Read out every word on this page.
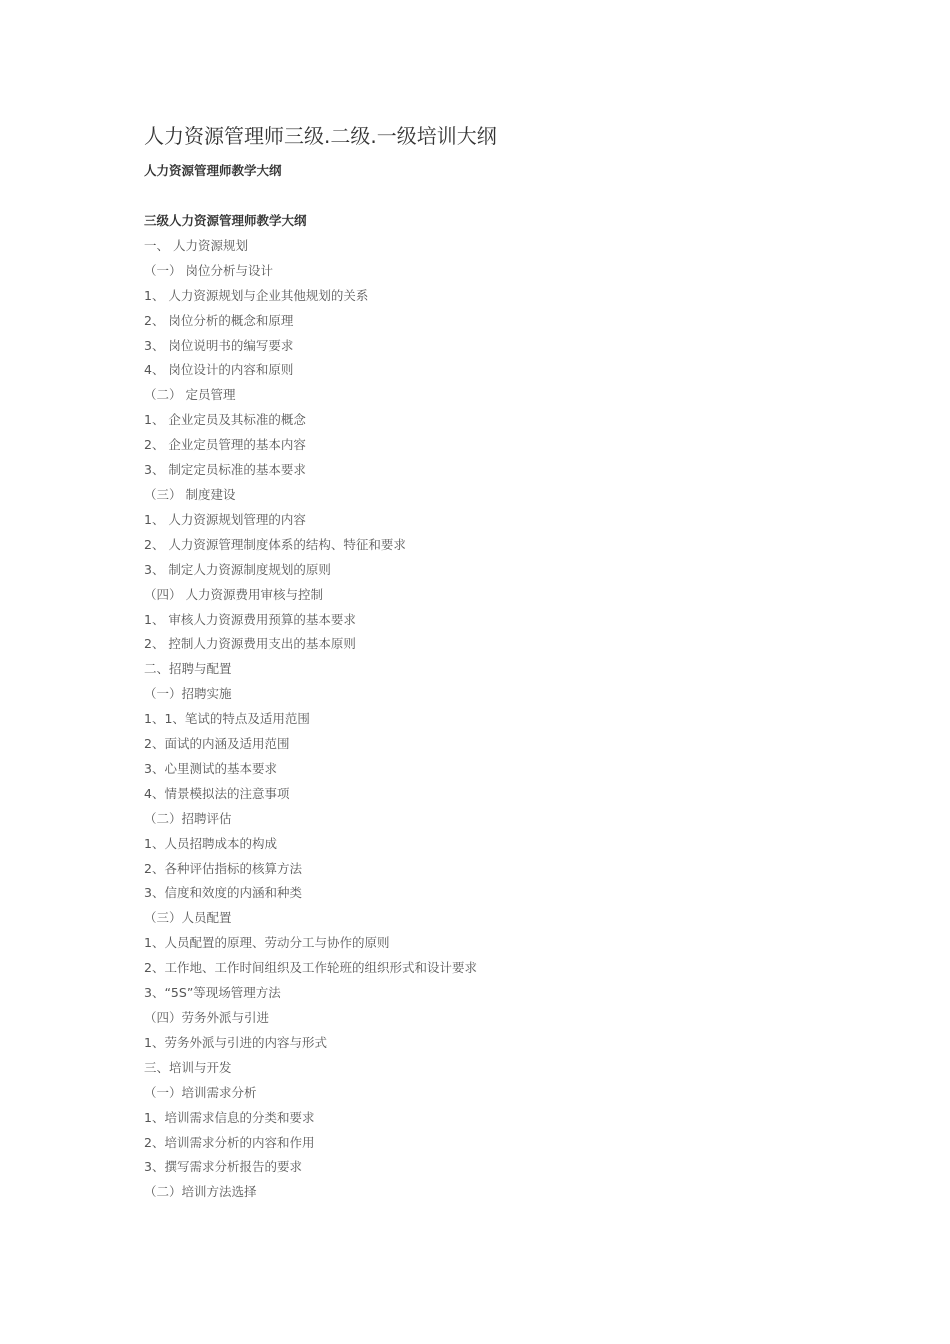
人力资源管理师三级.二级.一级培训大纲
人力资源管理师教学大纲
三级人力资源管理师教学大纲
一、 人力资源规划
（一） 岗位分析与设计
1、 人力资源规划与企业其他规划的关系
2、 岗位分析的概念和原理
3、 岗位说明书的编写要求
4、 岗位设计的内容和原则
（二） 定员管理
1、 企业定员及其标准的概念
2、 企业定员管理的基本内容
3、 制定定员标准的基本要求
（三） 制度建设
1、 人力资源规划管理的内容
2、 人力资源管理制度体系的结构、特征和要求
3、 制定人力资源制度规划的原则
（四） 人力资源费用审核与控制
1、 审核人力资源费用预算的基本要求
2、 控制人力资源费用支出的基本原则
二、招聘与配置
（一）招聘实施
1、1、笔试的特点及适用范围
2、面试的内涵及适用范围
3、心里测试的基本要求
4、情景模拟法的注意事项
（二）招聘评估
1、人员招聘成本的构成
2、各种评估指标的核算方法
3、信度和效度的内涵和种类
（三）人员配置
1、人员配置的原理、劳动分工与协作的原则
2、工作地、工作时间组织及工作轮班的组织形式和设计要求
3、“5S”等现场管理方法
（四）劳务外派与引进
1、劳务外派与引进的内容与形式
三、培训与开发
（一）培训需求分析
1、培训需求信息的分类和要求
2、培训需求分析的内容和作用
3、撰写需求分析报告的要求
（二）培训方法选择
